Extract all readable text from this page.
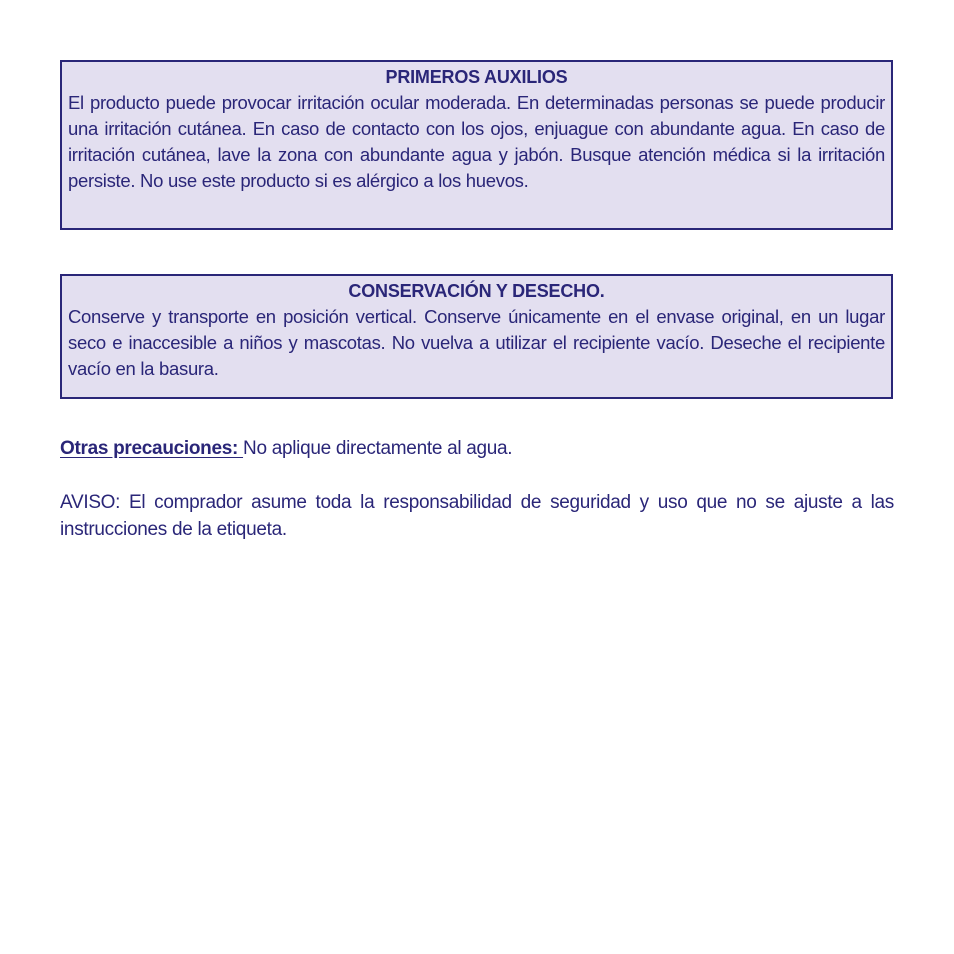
PRIMEROS AUXILIOS
El producto puede provocar irritación ocular moderada. En determinadas personas se puede producir una irritación cutánea. En caso de contacto con los ojos, enjuague con abundante agua. En caso de irritación cutánea, lave la zona con abundante agua y jabón. Busque atención médica si la irritación persiste. No use este producto si es alérgico a los huevos.
CONSERVACIÓN Y DESECHO.
Conserve y transporte en posición vertical. Conserve únicamente en el envase original, en un lugar seco e inaccesible a niños y mascotas. No vuelva a utilizar el recipiente vacío. Deseche el recipiente vacío en la basura.
Otras precauciones: No aplique directamente al agua.
AVISO: El comprador asume toda la responsabilidad de seguridad y uso que no se ajuste a las instrucciones de la etiqueta.
